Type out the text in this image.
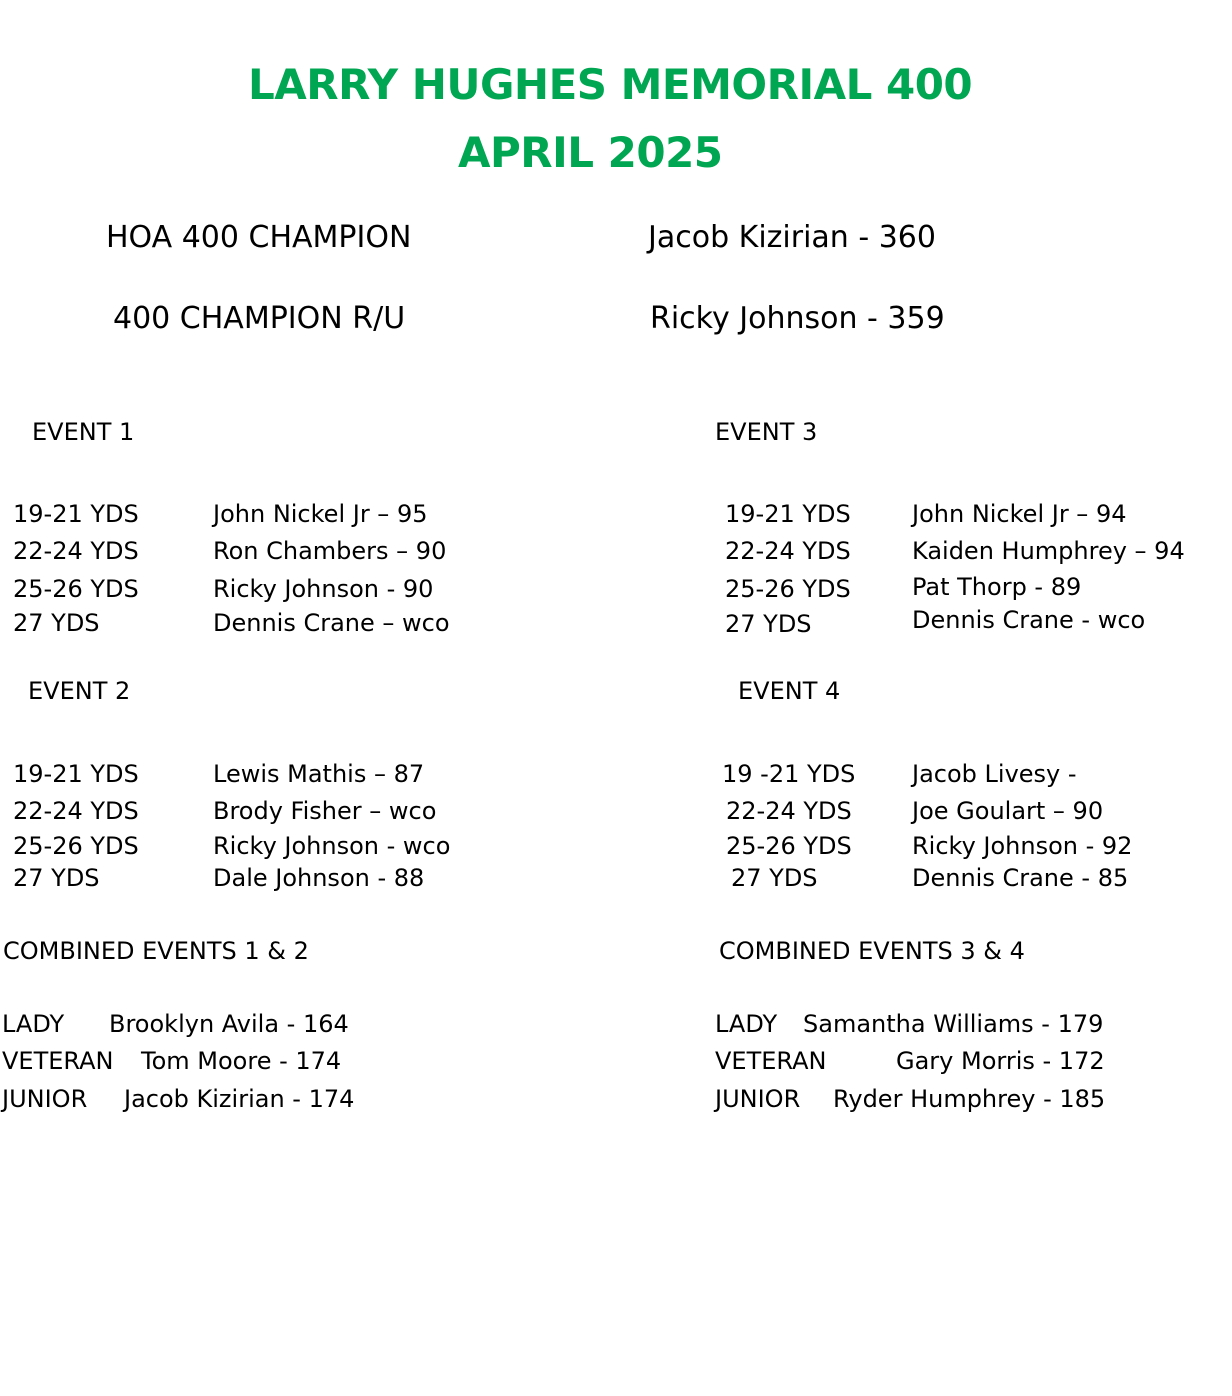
LARRY HUGHES MEMORIAL 400
APRIL 2025
HOA 400 CHAMPION	Jacob Kizirian - 360
400 CHAMPION R/U	Ricky Johnson - 359
EVENT 1
19-21 YDS	John Nickel Jr – 95
22-24 YDS	Ron Chambers – 90
25-26 YDS	Ricky Johnson - 90
27 YDS	Dennis Crane – wco
EVENT 3
19-21 YDS	John Nickel Jr – 94
22-24 YDS	Kaiden Humphrey – 94
25-26 YDS	Pat Thorp - 89
27 YDS	Dennis Crane - wco
EVENT 2
19-21 YDS	Lewis Mathis – 87
22-24 YDS	Brody Fisher – wco
25-26 YDS	Ricky Johnson - wco
27 YDS	Dale Johnson - 88
EVENT 4
19 -21 YDS Jacob Livesy -
22-24 YDS	Joe Goulart – 90
25-26 YDS	Ricky Johnson - 92
27 YDS	Dennis Crane - 85
COMBINED EVENTS 1 & 2
LADY Brooklyn Avila - 164
VETERAN Tom Moore - 174
JUNIOR Jacob Kizirian - 174
COMBINED EVENTS 3 & 4
LADY Samantha Williams - 179
VETERAN	Gary Morris - 172
JUNIOR Ryder Humphrey - 185
